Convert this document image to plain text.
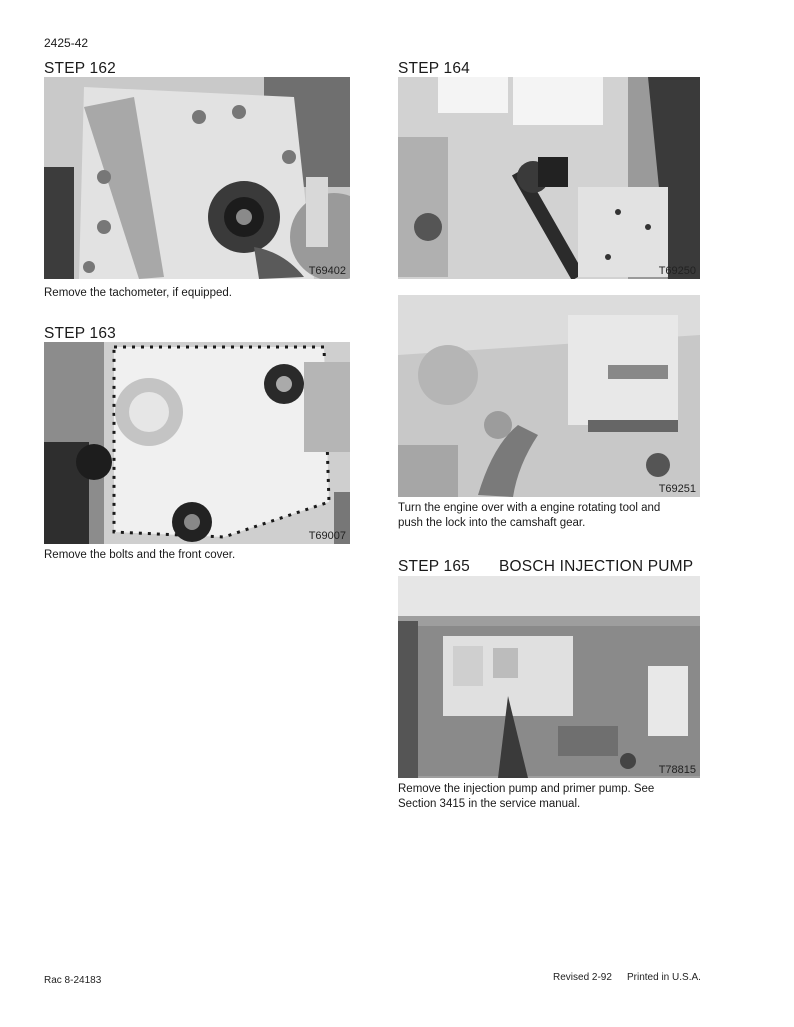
2425-42
STEP 162
T69402
Remove the tachometer, if equipped.
STEP 163
T69007
Remove the bolts and the front cover.
STEP 164
T69250
T69251
Turn the engine over with a engine rotating tool and
push the lock into the camshaft gear.
STEP 165 BOSCH INJECTION PUMP
T78815
Remove the injection pump and primer pump. See
Section 3415 in the service manual.
Rac 8-24183	Revised 2-92 Printed in U.S.A.
